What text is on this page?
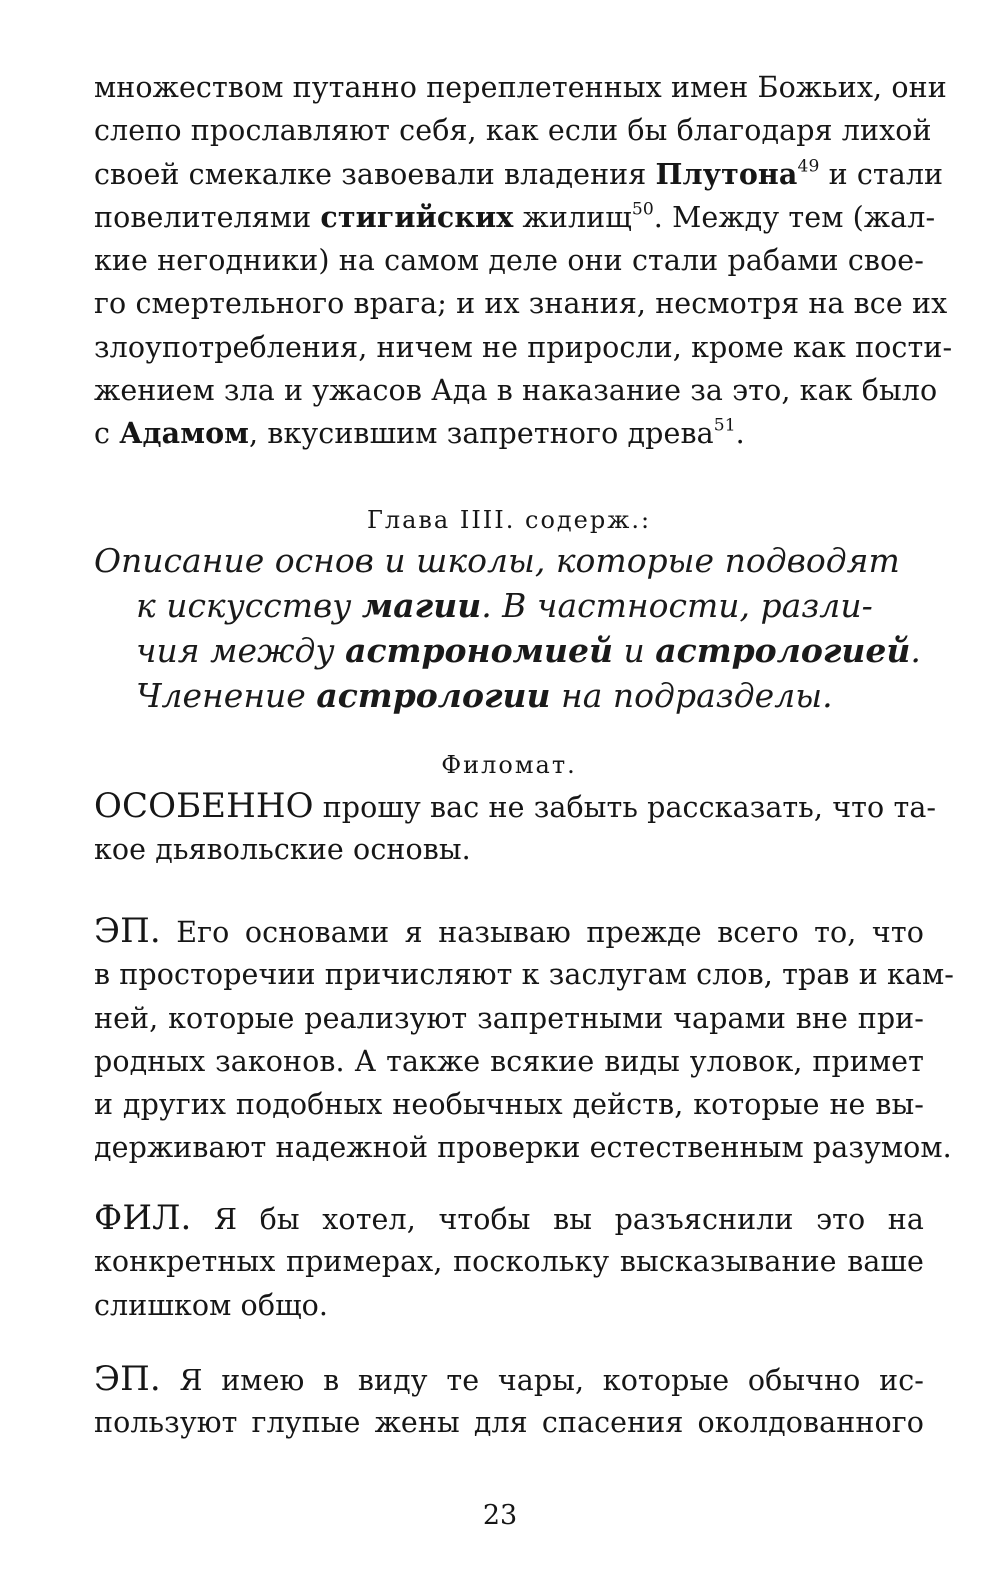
множеством путанно переплетенных имен Божьих, они
слепо прославляют себя, как если бы благодаря лихой
своей смекалке завоевали владения Плутона$^{49}$ и стали
повелителями стигийских жилищ$^{50}$. Между тем (жал-
кие негодники) на самом деле они стали рабами свое-
го смертельного врага; и их знания, несмотря на все их
злоупотребления, ничем не приросли, кроме как пости-
жением зла и ужасов Ада в наказание за это, как было
с Адамом, вкусившим запретного древа$^{51}$.
Глава IIII. содерж.:
Описание основ и школы, которые подводят
к искусству магии. В частности, разли-
чия между астрономией и астрологией.
Членение астрологии на подразделы.
Филомат.
ОСОБЕННО прошу вас не забыть рассказать, что та-
кое дьявольские основы.
ЭП. Его основами я называю прежде всего то, что
в просторечии причисляют к заслугам слов, трав и кам-
ней, которые реализуют запретными чарами вне при-
родных законов. А также всякие виды уловок, примет
и других подобных необычных действ, которые не вы-
держивают надежной проверки естественным разумом.
ФИЛ. Я бы хотел, чтобы вы разъяснили это на
конкретных примерах, поскольку высказывание ваше
слишком общо.
ЭП. Я имею в виду те чары, которые обычно ис-
пользуют глупые жены для спасения околдованного
23
